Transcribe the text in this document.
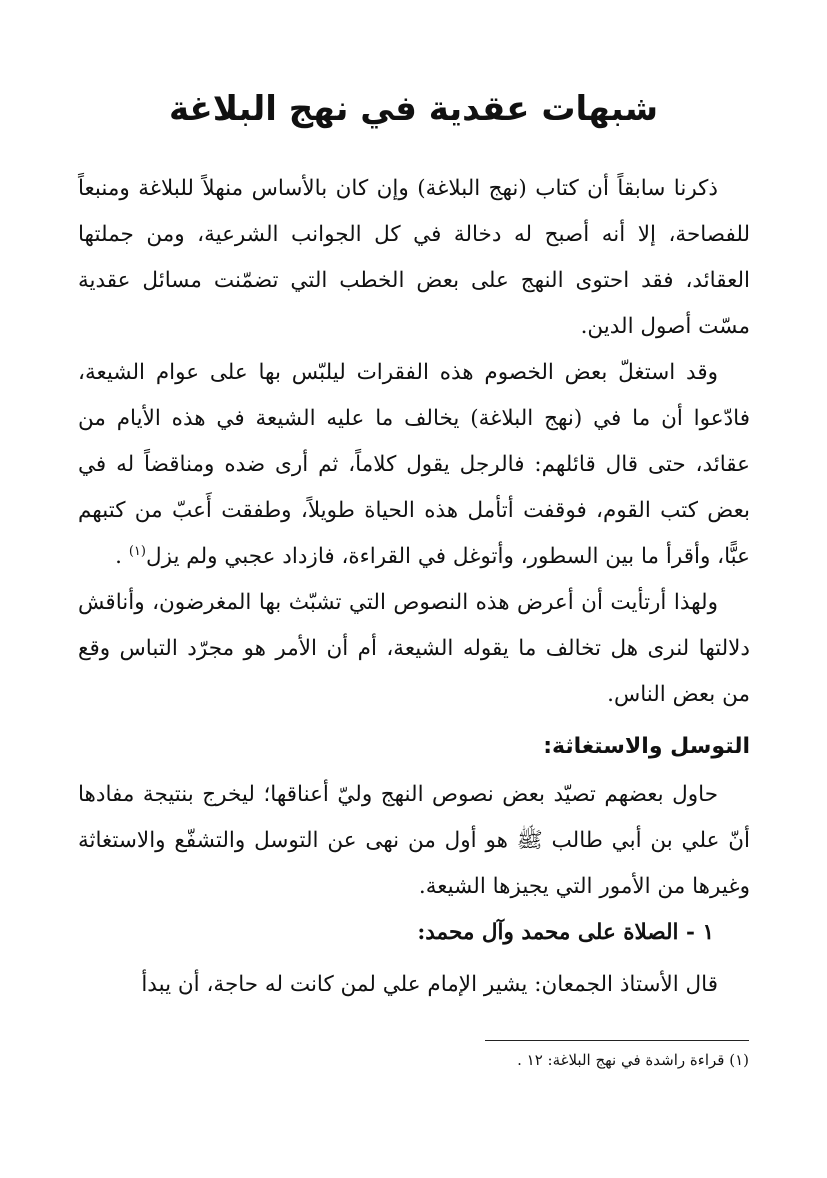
شبهات عقدية في نهج البلاغة

ذكرنا سابقاً أن كتاب (نهج البلاغة) وإن كان بالأساس منهلاً للبلاغة ومنبعاً للفصاحة، إلا أنه أصبح له دخالة في كل الجوانب الشرعية، ومن جملتها العقائد، فقد احتوى النهج على بعض الخطب التي تضمّنت مسائل عقدية مسّت أصول الدين.

وقد استغلّ بعض الخصوم هذه الفقرات ليلبّس بها على عوام الشيعة، فادّعوا أن ما في (نهج البلاغة) يخالف ما عليه الشيعة في هذه الأيام من عقائد، حتى قال قائلهم: فالرجل يقول كلاماً، ثم أرى ضده ومناقضاً له في بعض كتب القوم، فوقفت أتأمل هذه الحياة طويلاً، وطفقت أَعبّ من كتبهم عبًّا، وأقرأ ما بين السطور، وأتوغل في القراءة، فازداد عجبي ولم يزل$^{(١)}$ .

ولهذا أرتأيت أن أعرض هذه النصوص التي تشبّث بها المغرضون، وأناقش دلالتها لنرى هل تخالف ما يقوله الشيعة، أم أن الأمر هو مجرّد التباس وقع من بعض الناس.

التوسل والاستغاثة:

حاول بعضهم تصيّد بعض نصوص النهج وليّ أعناقها؛ ليخرج بنتيجة مفادها أنّ علي بن أبي طالب ﷺ هو أول من نهى عن التوسل والتشفّع والاستغاثة وغيرها من الأمور التي يجيزها الشيعة.

١ - الصلاة على محمد وآل محمد:

قال الأستاذ الجمعان: يشير الإمام علي لمن كانت له حاجة، أن يبدأ

(١) قراءة راشدة في نهج البلاغة: ١٢ .
